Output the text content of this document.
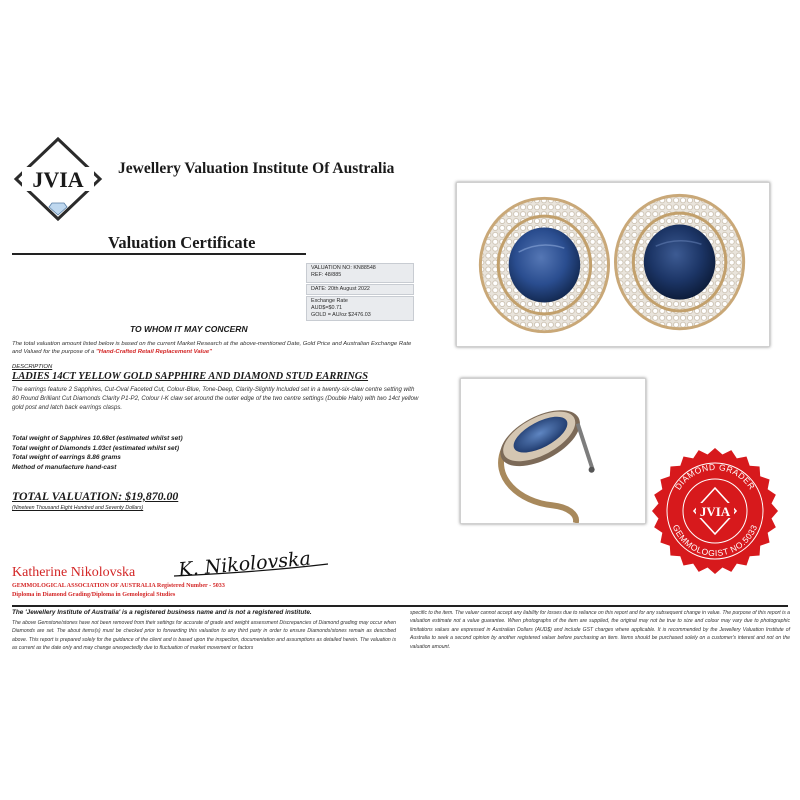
JVIA Jewellery Valuation Institute Of Australia
Valuation Certificate
VALUATION NO: KN88548
REF: 48/885
DATE: 20th August 2022
Exchange Rate
AUD$=$0.71
GOLD = AU/oz $2476.03
TO WHOM IT MAY CONCERN
The total valuation amount listed below is based on the current Market Research at the above-mentioned Date, Gold Price and Australian Exchange Rate and Valued for the purpose of a "Hand-Crafted Retail Replacement Value"
DESCRIPTION
LADIES 14CT YELLOW GOLD SAPPHIRE AND DIAMOND STUD EARRINGS
The earrings feature 2 Sapphires, Cut-Oval Faceted Cut, Colour-Blue, Tone-Deep, Clarity-Slightly Included set in a twenty-six-claw centre setting with 80 Round Brilliant Cut Diamonds Clarity P1-P2, Colour I-K claw set around the outer edge of the two centre settings (Double Halo) with two 14ct yellow gold post and latch back earrings clasps.
Total weight of Sapphires 10.68ct (estimated whilst set)
Total weight of Diamonds 1.03ct (estimated whilst set)
Total weight of earrings 8.86 grams
Method of manufacture hand-cast
TOTAL VALUATION: $19,870.00
(Nineteen Thousand Eight Hundred and Seventy Dollars)
Katherine Nikolovska K. Nikolovska
GEMMOLOGICAL ASSOCIATION OF AUSTRALIA Registered Number - 5033
Diploma in Diamond Grading/Diploma in Gemological Studies
The 'Jewellery Institute of Australia' is a registered business name and is not a registered institute.
The above Gemstone/stones have not been removed from their settings for accurate of grade and weight assessment Discrepancies of Diamond grading may occur when Diamonds are set. The about items(s) must be checked prior to forwarding this valuation to any third party in order to ensure Diamonds/stones remain as described above. This report is prepared solely for the guidance of the client and is based upon the inspection, documentation and assumptions as detailed herein. The valuation is as current as the date only and may change unexpectedly due to fluctuation of market movement or factors
specific to the item. The valuer cannot accept any liability for losses due to reliance on this report and for any subsequent change in value. The purpose of this report is a valuation estimate not a value guarantee. When photographs of the item are supplied, the original may not be true to size and colour may vary due to photographic limitations values are expressed in Australian Dollars (AUD$) and include GST charges where applicable. It is recommended by the Jewellery Valuation Institute of Australia to seek a second opinion by another registered valuer before purchasing an item. Items should be purchased solely on a customer's interest and not on the valuation amount.
DIAMOND GRADER
GEMMOLOGIST NO.5033
JVIA
